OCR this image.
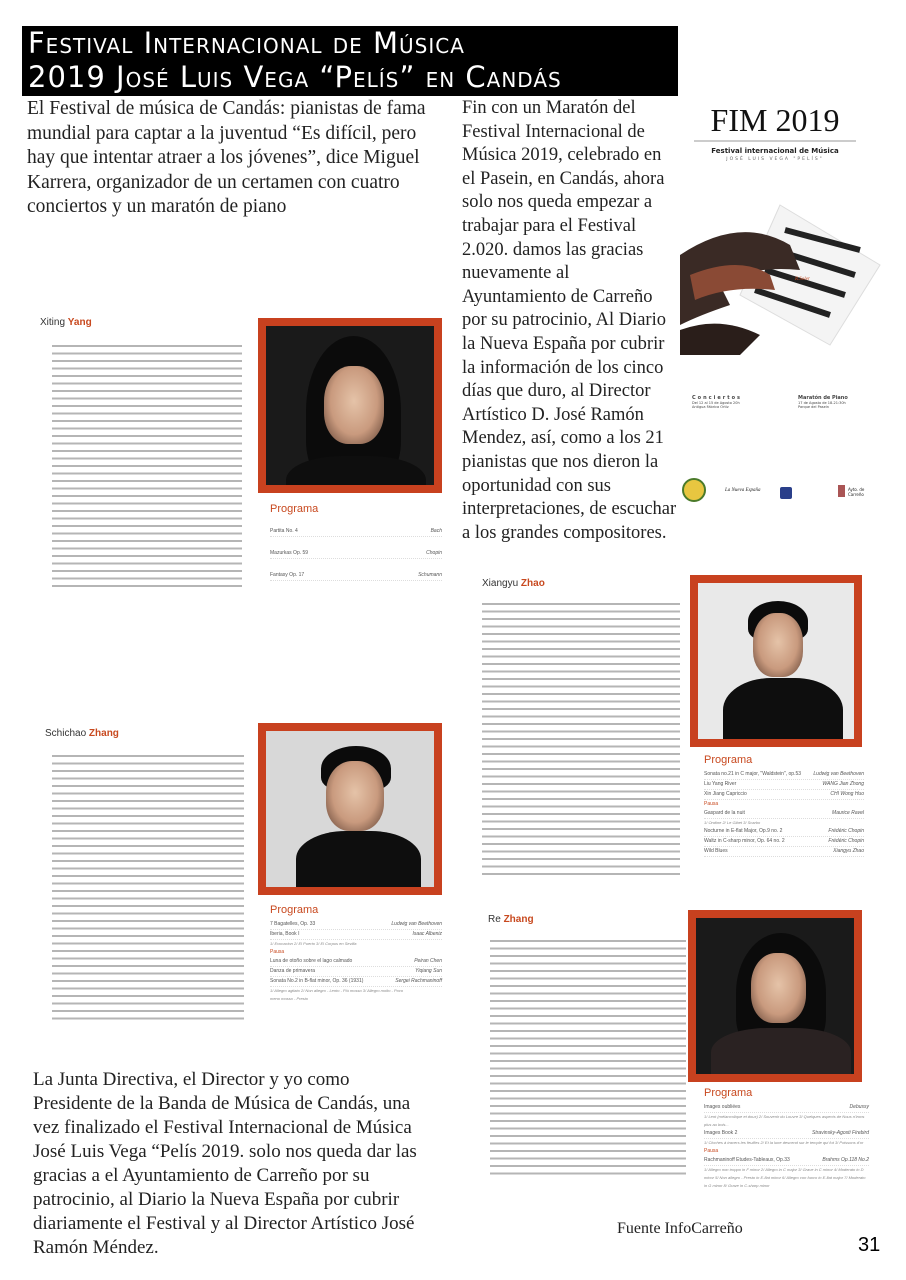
Festival Internacional de Música
2019 José Luis Vega “Pelís” en Candás
El Festival de música de Candás: pianistas de fama mundial para captar a la juventud “Es difícil, pero hay que intentar atraer a los jóvenes”, dice Miguel Karrera, organizador de un certamen con cuatro conciertos y un maratón de piano
Fin con un Maratón del Festival Internacional de Música 2019, celebrado en el Pasein, en Candás, ahora solo nos queda empezar a trabajar para el Festival 2.020. damos las gracias nuevamente al Ayuntamiento de Carreño por su patrocinio, Al Diario la Nueva España por cubrir la información de los cinco días que duro, al Director Artístico D. José Ramón Mendez, así, como a los 21 pianistas que nos dieron la oportunidad con sus interpretaciones, de escuchar a los grandes compositores.
FIM 2019
Festival internacional de Música
JOSÉ LUIS VEGA "PELÍS"
R.Soler
Conciertos
Del 12 al 15 de Agosto 20h
Antigua Fábrica Ortiz
Maratón de Piano
17 de Agosto de 18-21:30h
Parque del Pasein
La Nueva España	Ayto. de Carreño
Xiting Yang
Programa
Partita No. 4	Bach
Mazurkas Op. 59	Chopin
Fantasy Op. 17	Schumann
Xiangyu Zhao
Programa
Sonata no.21 in C major, "Waldstein", op.53 Ludwig van Beethoven
Liu Yang River	WANG Jian Zhong
Xin Jiang Capriccio	CHI Wong Huo
Pausa
Gaspard de la nuit	Maurice Ravel
1/ Ondine 2/ Le Gibet 3/ Scarbo
Nocturne in E-flat Major, Op.9 no. 2	Frédéric Chopin
Waltz in C-sharp minor, Op. 64 no. 2	Frédéric Chopin
Wild Blues	Xiangyu Zhao
Schichao Zhang
Programa
7 Bagatelles, Op. 33	Ludwig van Beethoven
Iberia, Book I	Isaac Albeniz
1/ Evocacion 2/ El Puerto 3/ El Corpus en Sevilla
Pausa
Luna de otoño sobre el lago calmado	Peiran Chen
Danza de primavera	Yiqiang Sun
Sonata No.2 in B-flat minor, Op. 36 (1931)	Sergei Rachmaninoff
1/ Allegro agitato 2/ Non allegro - Lento - Più mosso 3/ Allegro molto - Poco meno mosso - Presto
Re Zhang
Programa
Images oubliées	Debussy
1/ Lent (mélancolique et doux) 2/ Souvenir du Louvre 3/ Quelques aspects de Nous n'irons plus au bois...
Images Book 2	Stravinsky-Agosti Firebird
1/ Cloches à travers les feuilles 2/ Et la lune descend sur le temple qui fut 3/ Poissons d'or
Pausa
Rachmaninoff Etudes-Tableaux, Op.33	Brahms Op.118 No.2
1/ Allegro non troppo in F minor 2/ Allegro in C major 3/ Grave in C minor 4/ Moderato in D minor 5/ Non allegro - Presto in E-flat minor 6/ Allegro con fuoco in E-flat major 7/ Moderato in G minor 8/ Grave in C-sharp minor
La Junta Directiva, el Director y yo como Presidente de la Banda de Música de Candás, una vez finalizado el Festival Internacional de Música José Luis Vega “Pelís 2019. solo nos queda dar las gracias a el Ayuntamiento de Carreño por su patrocinio, al Diario la Nueva España por cubrir diariamente el Festival y al Director Artístico José Ramón Méndez.
Fuente InfoCarreño
31
